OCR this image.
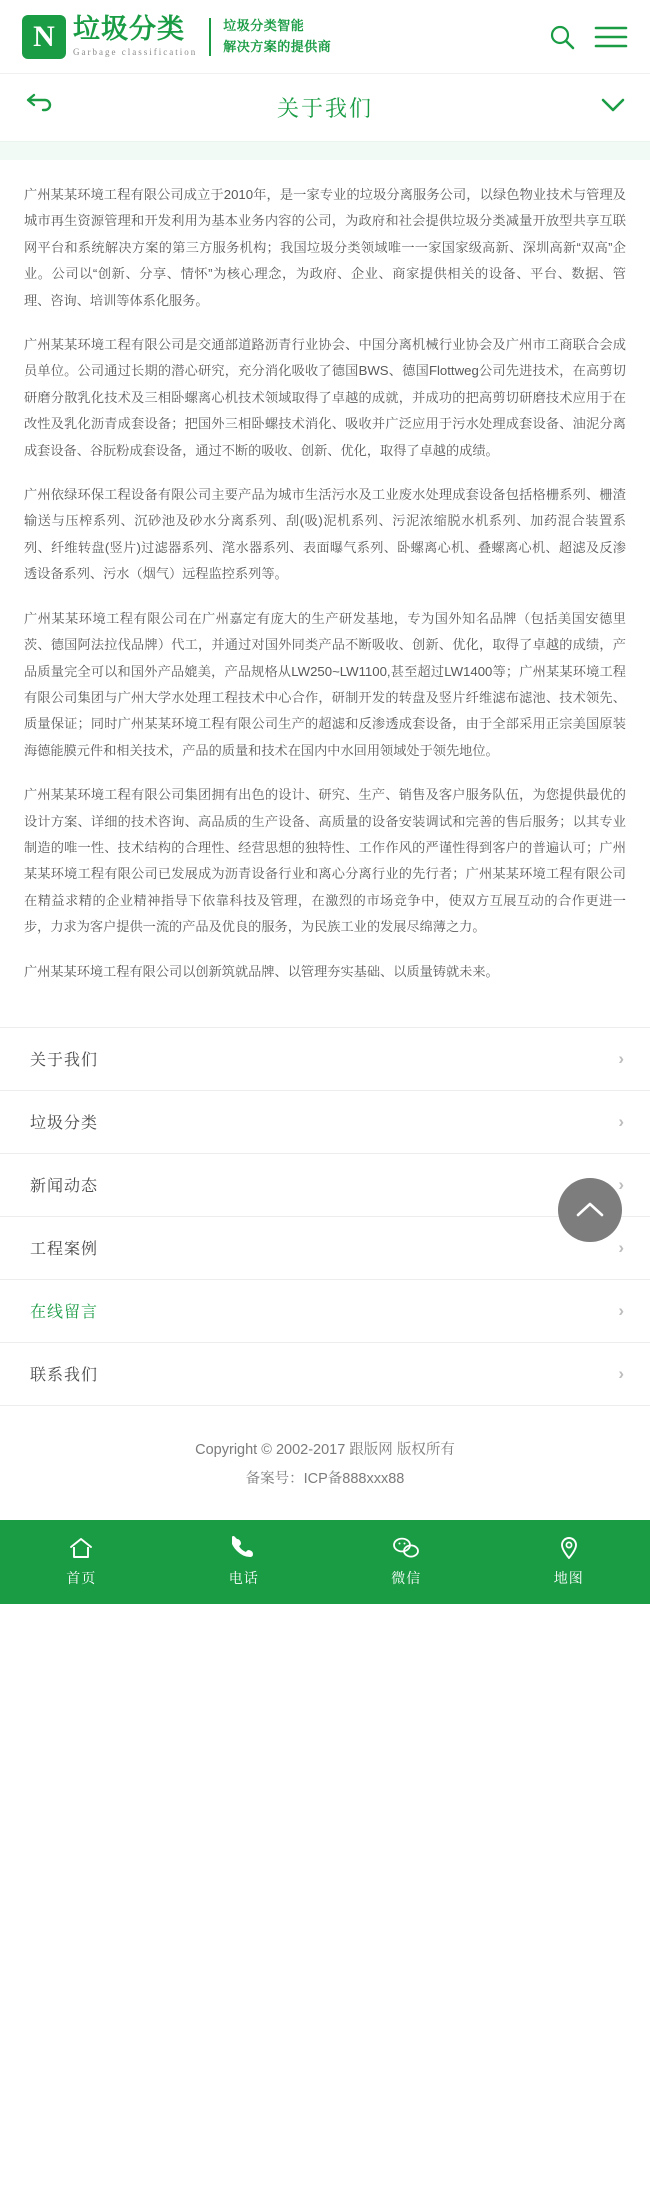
N 垃圾分类
Garbage classification
垃圾分类智能
解决方案的提供商
关于我们

广州某某环境工程有限公司成立于2010年，是一家专业的垃圾分离服务公司，以绿色物业技术与管理及城市再生资源管理和开发利用为基本业务内容的公司，为政府和社会提供垃圾分类减量开放型共享互联网平台和系统解决方案的第三方服务机构；我国垃圾分类领域唯一一家国家级高新、深圳高新“双高”企业。公司以“创新、分享、情怀”为核心理念，为政府、企业、商家提供相关的设备、平台、数据、管理、咨询、培训等体系化服务。

广州某某环境工程有限公司是交通部道路沥青行业协会、中国分离机械行业协会及广州市工商联合会成员单位。公司通过长期的潜心研究，充分消化吸收了德国BWS、德国Flottweg公司先进技术，在高剪切研磨分散乳化技术及三相卧螺离心机技术领域取得了卓越的成就，并成功的把高剪切研磨技术应用于在改性及乳化沥青成套设备；把国外三相卧螺技术消化、吸收并广泛应用于污水处理成套设备、油泥分离成套设备、谷朊粉成套设备，通过不断的吸收、创新、优化，取得了卓越的成绩。

广州依绿环保工程设备有限公司主要产品为城市生活污水及工业废水处理成套设备包括格栅系列、栅渣输送与压榨系列、沉砂池及砂水分离系列、刮(吸)泥机系列、污泥浓缩脱水机系列、加药混合装置系列、纤维转盘(竖片)过滤器系列、滗水器系列、表面曝气系列、卧螺离心机、叠螺离心机、超滤及反渗透设备系列、污水（烟气）远程监控系列等。

广州某某环境工程有限公司在广州嘉定有庞大的生产研发基地，专为国外知名品牌（包括美国安德里茨、德国阿法拉伐品牌）代工，并通过对国外同类产品不断吸收、创新、优化，取得了卓越的成绩，产品质量完全可以和国外产品媲美，产品规格从LW250~LW1100,甚至超过LW1400等；广州某某环境工程有限公司集团与广州大学水处理工程技术中心合作，研制开发的转盘及竖片纤维滤布滤池、技术领先、质量保证；同时广州某某环境工程有限公司生产的超滤和反渗透成套设备，由于全部采用正宗美国原装海德能膜元件和相关技术，产品的质量和技术在国内中水回用领域处于领先地位。

广州某某环境工程有限公司集团拥有出色的设计、研究、生产、销售及客户服务队伍，为您提供最优的设计方案、详细的技术咨询、高品质的生产设备、高质量的设备安装调试和完善的售后服务；以其专业制造的唯一性、技术结构的合理性、经营思想的独特性、工作作风的严谨性得到客户的普遍认可；广州某某环境工程有限公司已发展成为沥青设备行业和离心分离行业的先行者；广州某某环境工程有限公司在精益求精的企业精神指导下依靠科技及管理，在激烈的市场竞争中，使双方互展互动的合作更进一步，力求为客户提供一流的产品及优良的服务，为民族工业的发展尽绵薄之力。

广州某某环境工程有限公司以创新筑就品牌、以管理夯实基础、以质量铸就未来。

关于我们	›
垃圾分类	›
新闻动态	›
工程案例	›
在线留言	›
联系我们	›
Copyright © 2002-2017 跟版网 版权所有
备案号：ICP备888xxx88
首页	电话	微信	地图
